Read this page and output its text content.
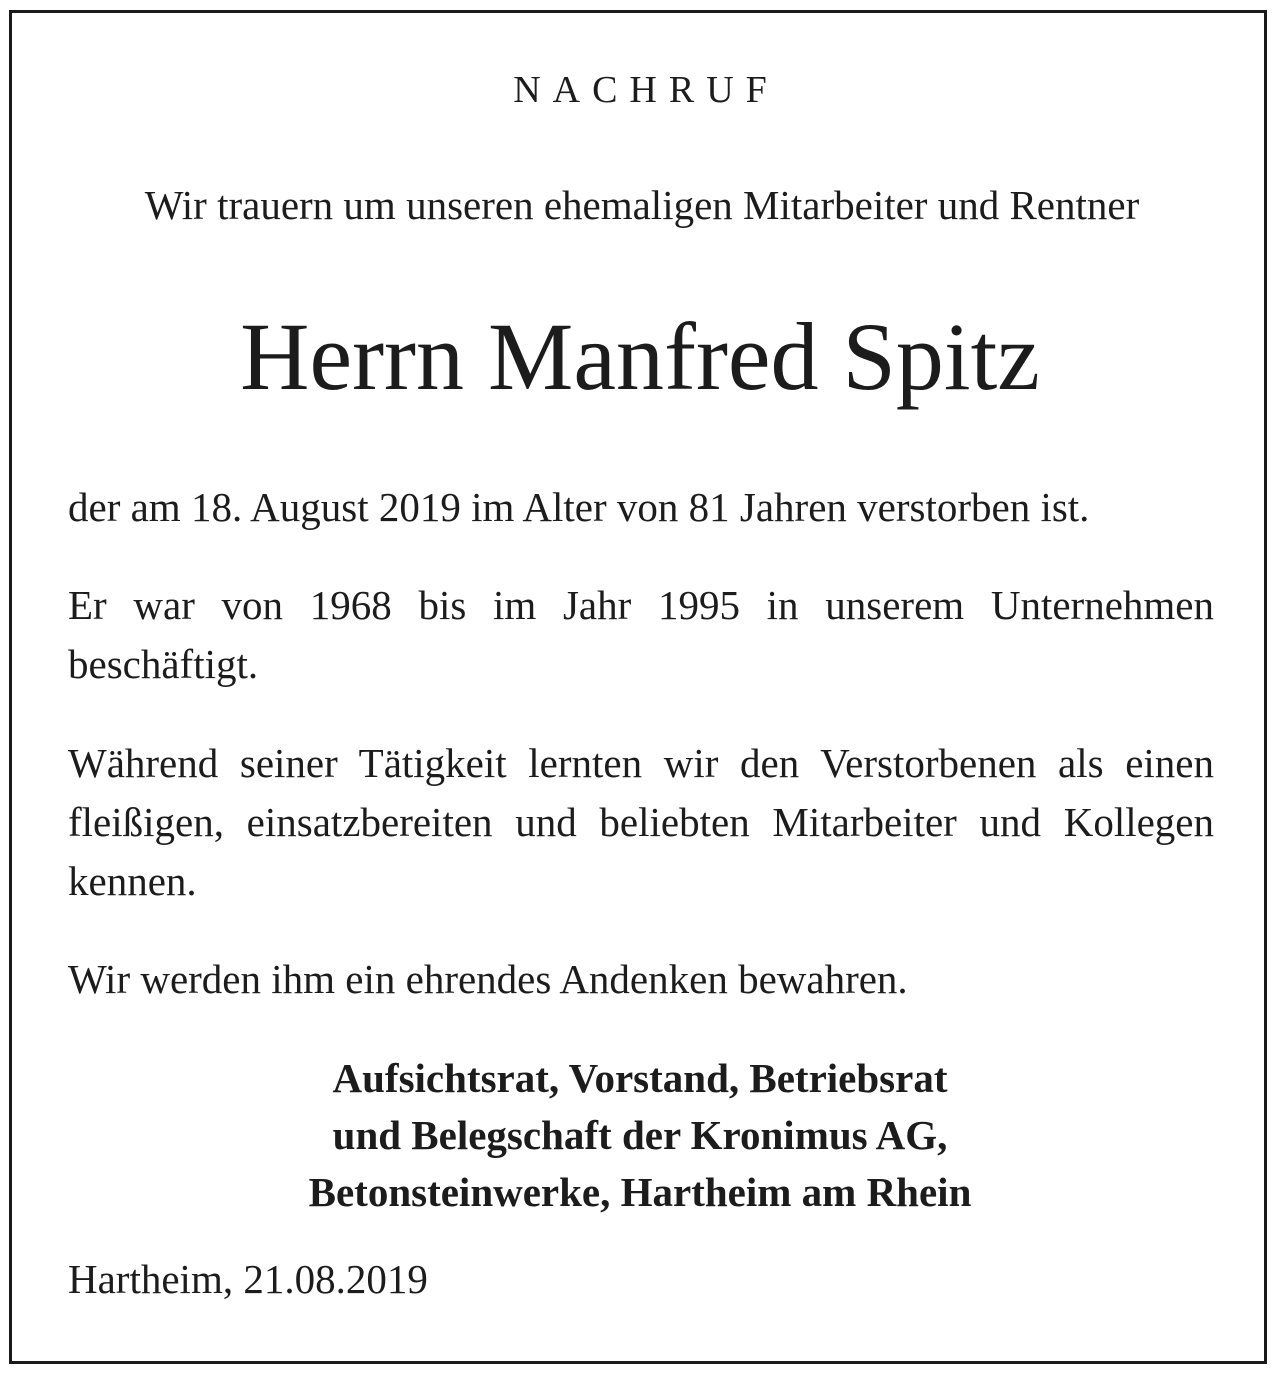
NACHRUF
Wir trauern um unseren ehemaligen Mitarbeiter und Rentner
Herrn Manfred Spitz
der am 18. August 2019 im Alter von 81 Jahren verstorben ist.
Er war von 1968 bis im Jahr 1995 in unserem Unternehmen beschäftigt.
Während seiner Tätigkeit lernten wir den Verstorbenen als einen fleißigen, einsatzbereiten und beliebten Mitarbeiter und Kollegen kennen.
Wir werden ihm ein ehrendes Andenken bewahren.
Aufsichtsrat, Vorstand, Betriebsrat
und Belegschaft der Kronimus AG,
Betonsteinwerke, Hartheim am Rhein
Hartheim, 21.08.2019
